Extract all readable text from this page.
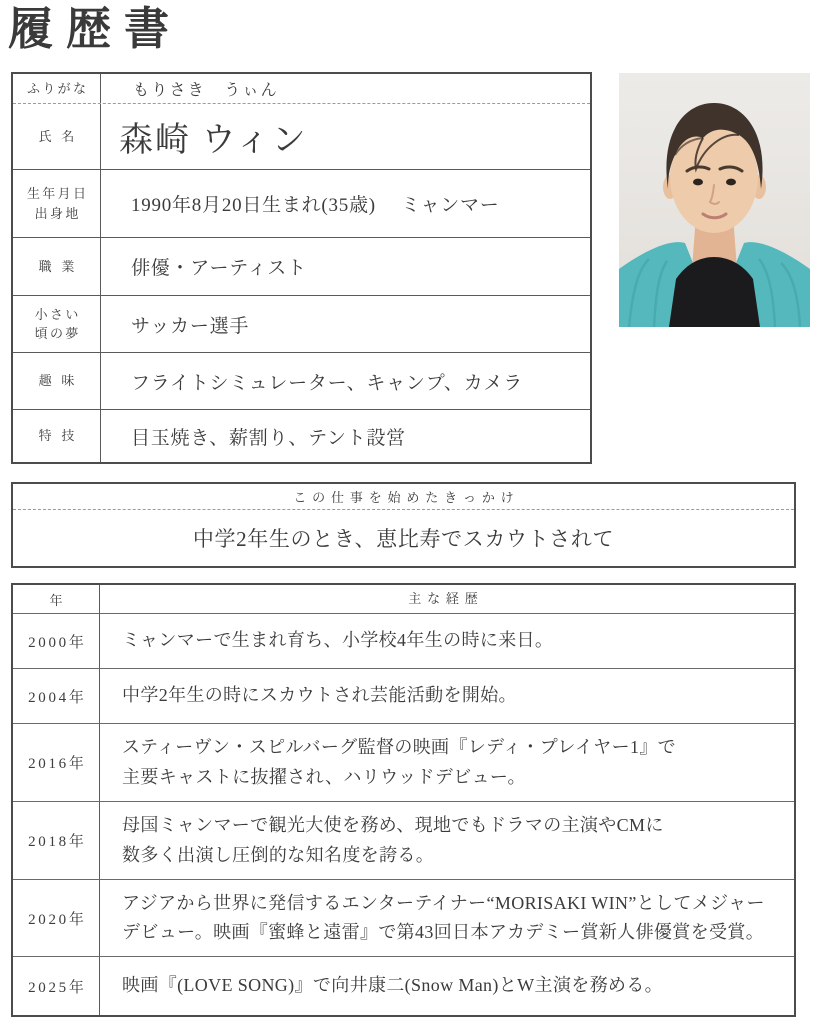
履歴書
ふりがな	もりさき　うぃん
氏名 森崎 ウィン
生年月日
出身地	1990年8月20日生まれ(35歳)　 ミャンマー
職業 俳優・アーティスト
小さい
頃の夢	サッカー選手
趣味 フライトシミュレーター、キャンプ、カメラ
特技 目玉焼き、薪割り、テント設営
この仕事を始めたきっかけ
中学2年生のとき、恵比寿でスカウトされて
年	主な経歴
2000年	ミャンマーで生まれ育ち、小学校4年生の時に来日。
2004年	中学2年生の時にスカウトされ芸能活動を開始。
2016年
スティーヴン・スピルバーグ監督の映画『レディ・プレイヤー1』で
主要キャストに抜擢され、ハリウッドデビュー。
2018年
母国ミャンマーで観光大使を務め、現地でもドラマの主演やCMに
数多く出演し圧倒的な知名度を誇る。
2020年
アジアから世界に発信するエンターテイナー“MORISAKI WIN”としてメジャー
デビュー。映画『蜜蜂と遠雷』で第43回日本アカデミー賞新人俳優賞を受賞。
2025年	映画『(LOVE SONG)』で向井康二(Snow Man)とW主演を務める。
